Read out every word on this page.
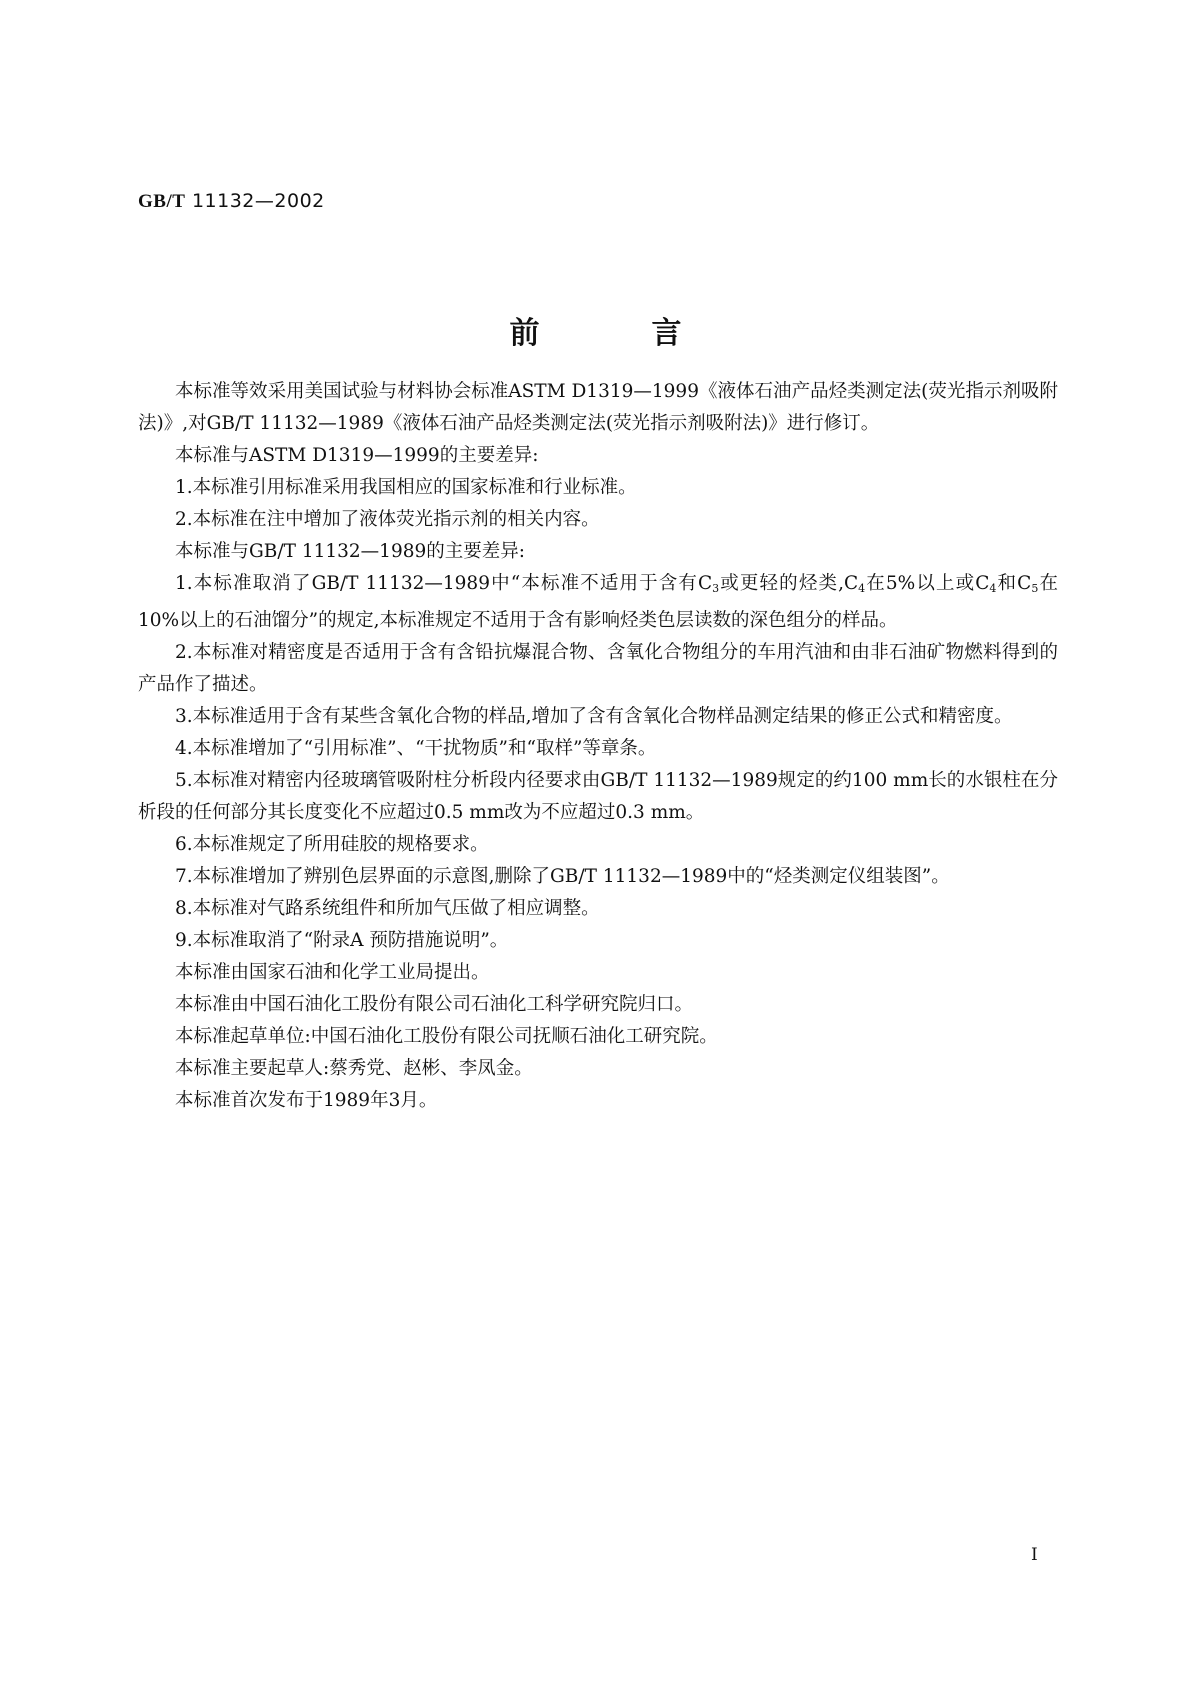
GB/T 11132—2002
前	言

本标准等效采用美国试验与材料协会标准ASTM D1319—1999《液体石油产品烃类测定法(荧光指示剂吸附法)》,对GB/T 11132—1989《液体石油产品烃类测定法(荧光指示剂吸附法)》进行修订。

本标准与ASTM D1319—1999的主要差异:

1.本标准引用标准采用我国相应的国家标准和行业标准。

2.本标准在注中增加了液体荧光指示剂的相关内容。

本标准与GB/T 11132—1989的主要差异:

1.本标准取消了GB/T 11132—1989中“本标准不适用于含有$C_3$或更轻的烃类$,C_4$在5%以上或$C_4$和$C_5$在10%以上的石油馏分”的规定,本标准规定不适用于含有影响烃类色层读数的深色组分的样品。

2.本标准对精密度是否适用于含有含铅抗爆混合物、含氧化合物组分的车用汽油和由非石油矿物燃料得到的产品作了描述。

3.本标准适用于含有某些含氧化合物的样品,增加了含有含氧化合物样品测定结果的修正公式和精密度。

4.本标准增加了“引用标准”、“干扰物质”和“取样”等章条。

5.本标准对精密内径玻璃管吸附柱分析段内径要求由GB/T 11132—1989规定的约100 mm长的水银柱在分析段的任何部分其长度变化不应超过0.5 mm改为不应超过0.3 mm。

6.本标准规定了所用硅胶的规格要求。

7.本标准增加了辨别色层界面的示意图,删除了GB/T 11132—1989中的“烃类测定仪组装图”。

8.本标准对气路系统组件和所加气压做了相应调整。

9.本标准取消了“附录A 预防措施说明”。

本标准由国家石油和化学工业局提出。

本标准由中国石油化工股份有限公司石油化工科学研究院归口。

本标准起草单位:中国石油化工股份有限公司抚顺石油化工研究院。

本标准主要起草人:蔡秀党、赵彬、李凤金。

本标准首次发布于1989年3月。

I
